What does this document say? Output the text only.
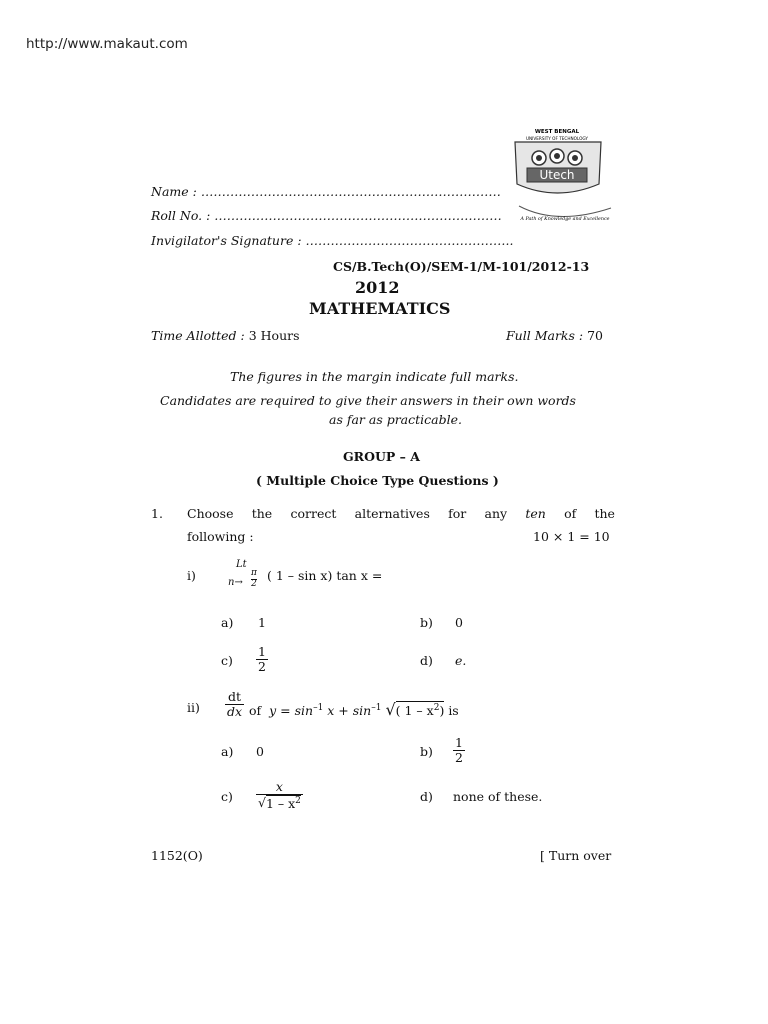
http://www.makaut.com
WEST BENGAL
UNIVERSITY OF TECHNOLOGY
Utech
A Path of Knowledge and Excellence
Name : ………………………………………………………………
Roll No. : ……………………………………………………………
Invigilator's Signature : …………………………………………..
CS/B.Tech(O)/SEM-1/M-101/2012-13
2012
MATHEMATICS
Time Allotted : 3 Hours	Full Marks : 70
The figures in the margin indicate full marks.
Candidates are required to give their answers in their own words
as far as practicable.
GROUP – A
( Multiple Choice Type Questions )
1. Choose the correct alternatives for any ten of the
following :	10 × 1 = 10
i)
Lt
n→
π
2
( 1 – sin x) tan x =
a) 1	b) 0
$c) \frac{1}{2}$	d) e.
$ii) \frac{dt}{dx}$ of $y = \sin^{-1} x + \sin^{-1}$ √( $1 - x^2$) is
a) 0	$b) \frac{1}{2}$
$c) \frac{x}{√1 - x^2}$	d) none of these.
1152(O)	[ Turn over
